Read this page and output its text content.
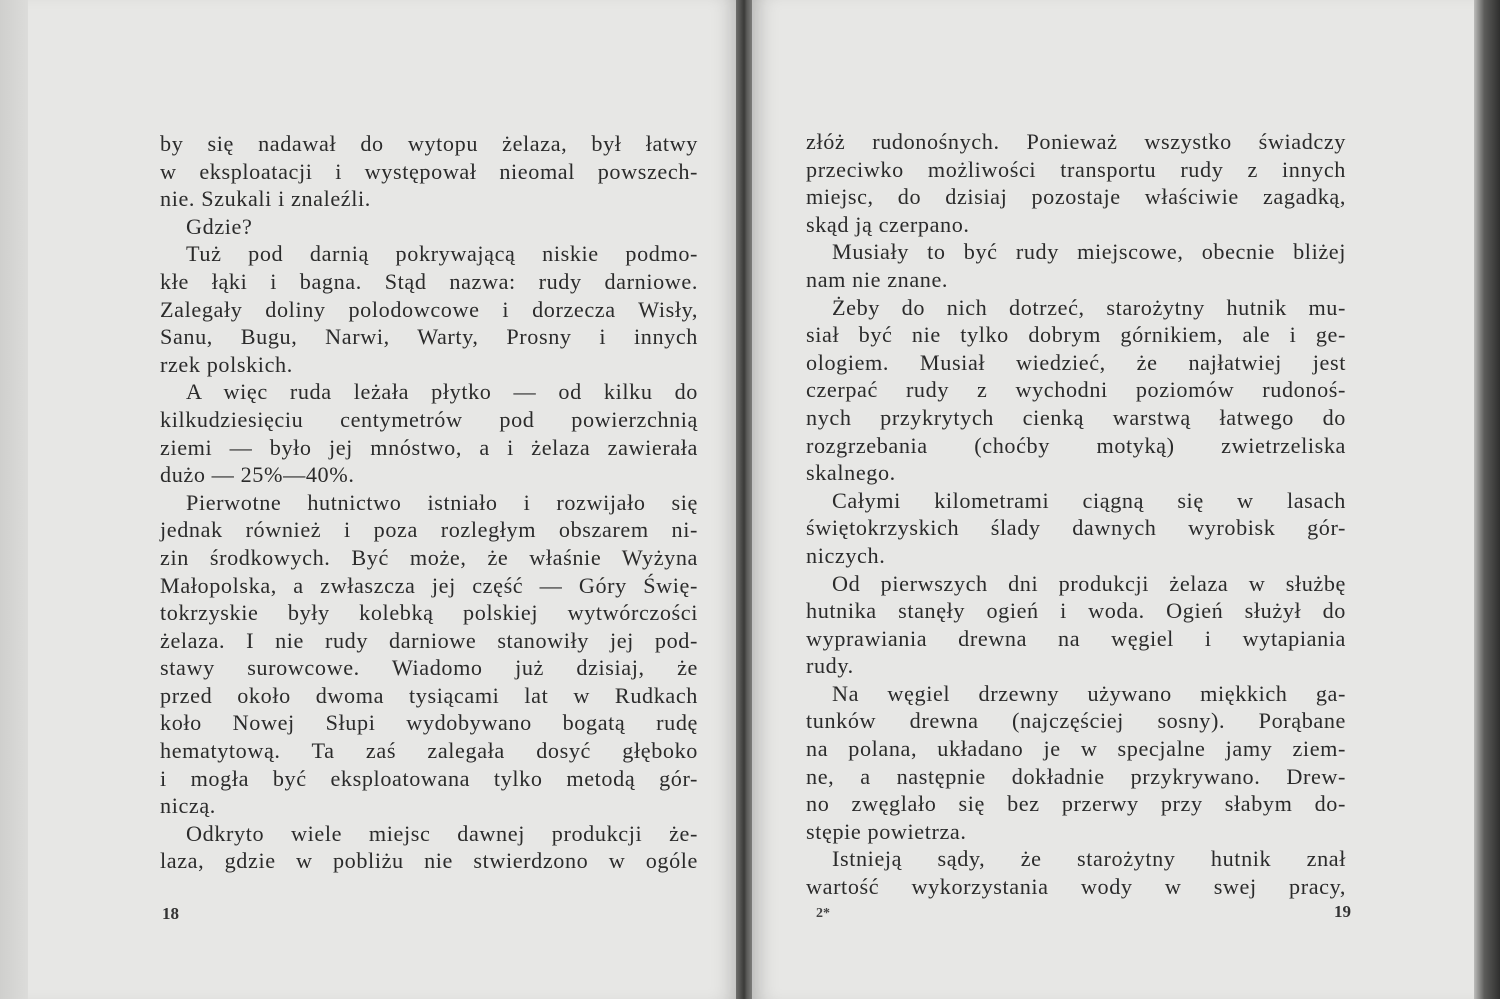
by się nadawał do wytopu żelaza, był łatwy
w eksploatacji i występował nieomal powszech-
nie. Szukali i znaleźli.
Gdzie?
Tuż pod darnią pokrywającą niskie podmo-
kłe łąki i bagna. Stąd nazwa: rudy darniowe.
Zalegały doliny polodowcowe i dorzecza Wisły,
Sanu, Bugu, Narwi, Warty, Prosny i innych
rzek polskich.
A więc ruda leżała płytko — od kilku do
kilkudziesięciu centymetrów pod powierzchnią
ziemi — było jej mnóstwo, a i żelaza zawierała
dużo — 25%—40%.
Pierwotne hutnictwo istniało i rozwijało się
jednak również i poza rozległym obszarem ni-
zin środkowych. Być może, że właśnie Wyżyna
Małopolska, a zwłaszcza jej część — Góry Świę-
tokrzyskie były kolebką polskiej wytwórczości
żelaza. I nie rudy darniowe stanowiły jej pod-
stawy surowcowe. Wiadomo już dzisiaj, że
przed około dwoma tysiącami lat w Rudkach
koło Nowej Słupi wydobywano bogatą rudę
hematytową. Ta zaś zalegała dosyć głęboko
i mogła być eksploatowana tylko metodą gór-
niczą.
Odkryto wiele miejsc dawnej produkcji że-
laza, gdzie w pobliżu nie stwierdzono w ogóle
złóż rudonośnych. Ponieważ wszystko świadczy
przeciwko możliwości transportu rudy z innych
miejsc, do dzisiaj pozostaje właściwie zagadką,
skąd ją czerpano.
Musiały to być rudy miejscowe, obecnie bliżej
nam nie znane.
Żeby do nich dotrzeć, starożytny hutnik mu-
siał być nie tylko dobrym górnikiem, ale i ge-
ologiem. Musiał wiedzieć, że najłatwiej jest
czerpać rudy z wychodni poziomów rudonoś-
nych przykrytych cienką warstwą łatwego do
rozgrzebania (choćby motyką) zwietrzeliska
skalnego.
Całymi kilometrami ciągną się w lasach
świętokrzyskich ślady dawnych wyrobisk gór-
niczych.
Od pierwszych dni produkcji żelaza w służbę
hutnika stanęły ogień i woda. Ogień służył do
wyprawiania drewna na węgiel i wytapiania
rudy.
Na węgiel drzewny używano miękkich ga-
tunków drewna (najczęściej sosny). Porąbane
na polana, układano je w specjalne jamy ziem-
ne, a następnie dokładnie przykrywano. Drew-
no zwęglało się bez przerwy przy słabym do-
stępie powietrza.
Istnieją sądy, że starożytny hutnik znał
wartość wykorzystania wody w swej pracy,
18	2*	19
